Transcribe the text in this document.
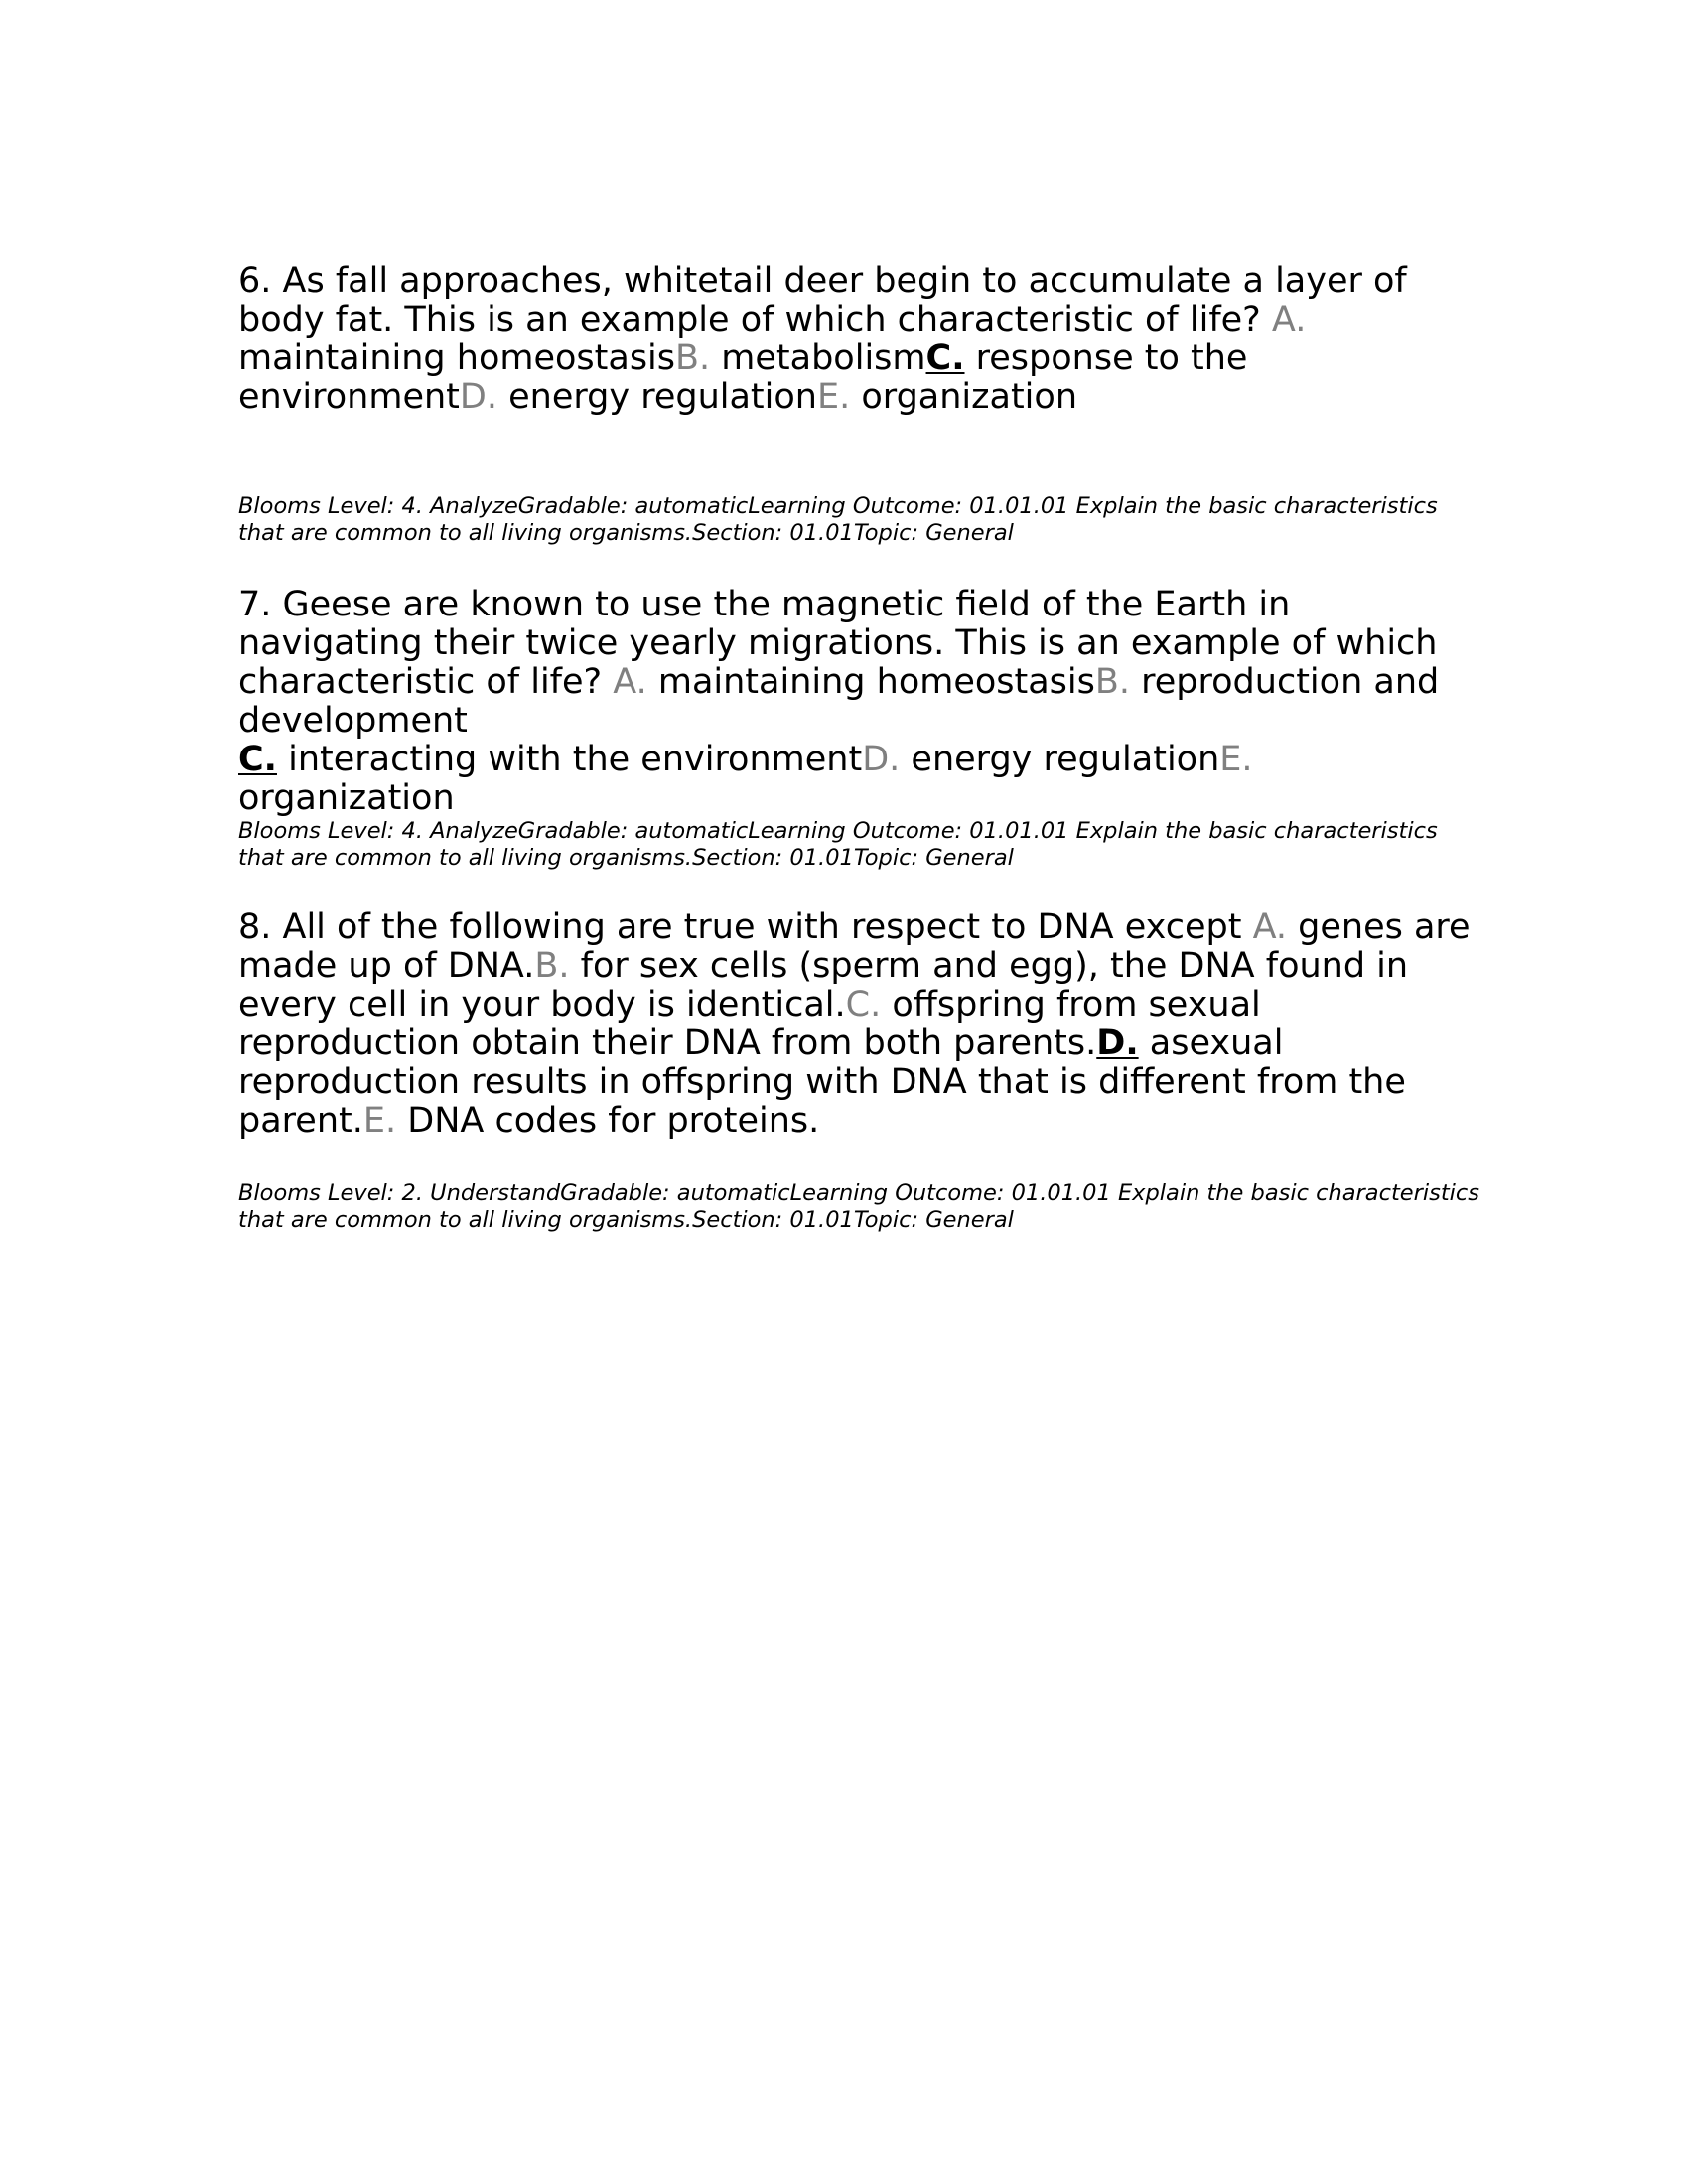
6. As fall approaches, whitetail deer begin to accumulate a layer of body fat. This is an example of which characteristic of life? A. maintaining homeostasisB. metabolismC. response to the environmentD. energy regulationE. organization

Blooms Level: 4. AnalyzeGradable: automaticLearning Outcome: 01.01.01 Explain the basic characteristics that are common to all living organisms.Section: 01.01Topic: General

7. Geese are known to use the magnetic field of the Earth in navigating their twice yearly migrations. This is an example of which characteristic of life? A. maintaining homeostasisB. reproduction and development
C. interacting with the environmentD. energy regulationE. organization

Blooms Level: 4. AnalyzeGradable: automaticLearning Outcome: 01.01.01 Explain the basic characteristics that are common to all living organisms.Section: 01.01Topic: General

8. All of the following are true with respect to DNA except A. genes are made up of DNA.B. for sex cells (sperm and egg), the DNA found in every cell in your body is identical.C. offspring from sexual reproduction obtain their DNA from both parents.D. asexual reproduction results in offspring with DNA that is different from the parent.E. DNA codes for proteins.

Blooms Level: 2. UnderstandGradable: automaticLearning Outcome: 01.01.01 Explain the basic characteristics that are common to all living organisms.Section: 01.01Topic: General
